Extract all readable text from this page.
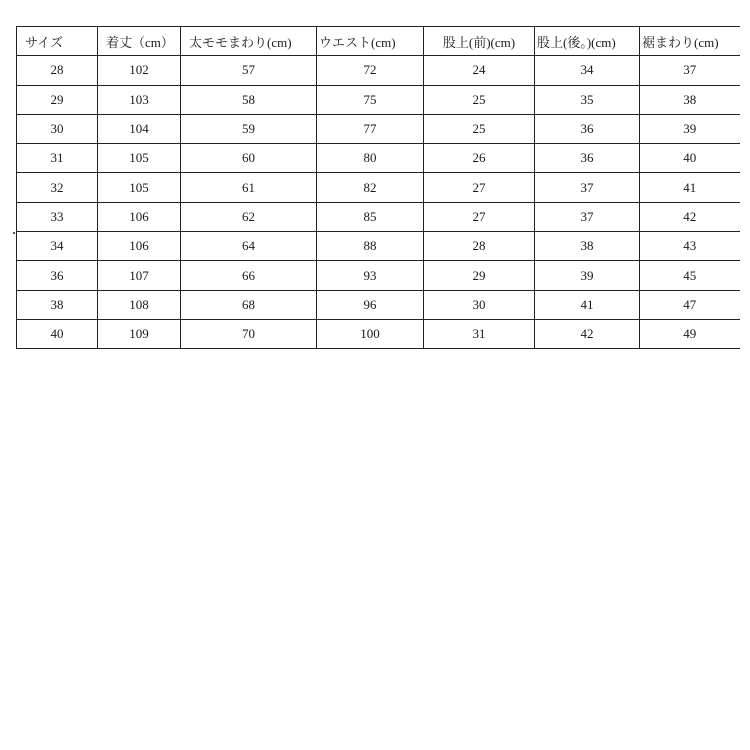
サイズ	着丈（cm）	太モモまわり(cm)	ウエスト(cm)	股上(前)(cm)	股上(後。)(cm)	裾まわり(cm)
28	102	57	72	24	34	37
29	103	58	75	25	35	38
30	104	59	77	25	36	39
31	105	60	80	26	36	40
32	105	61	82	27	37	41
33	106	62	85	27	37	42
34	106	64	88	28	38	43
36	107	66	93	29	39	45
38	108	68	96	30	41	47
40	109	70	100	31	42	49
